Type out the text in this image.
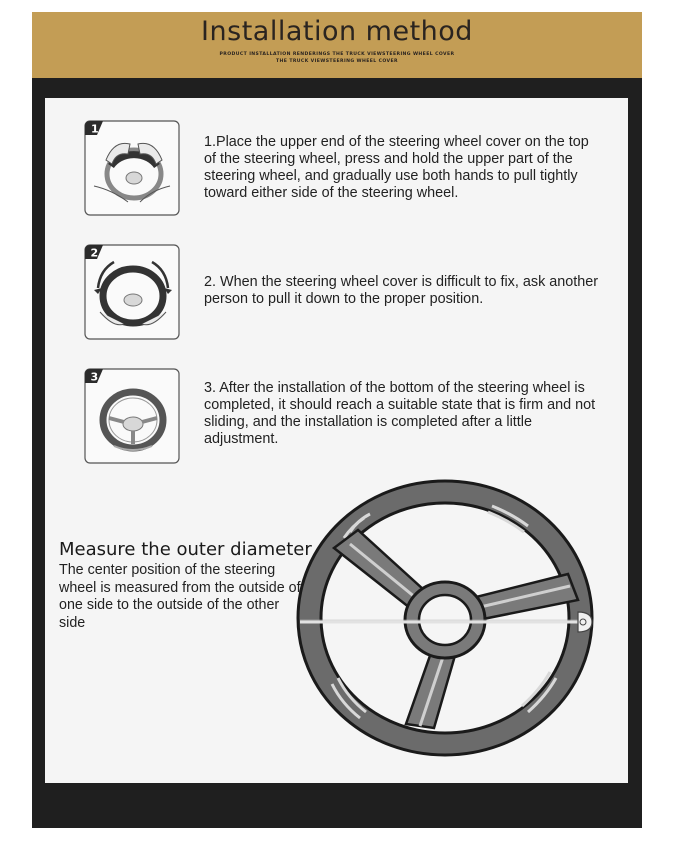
Installation method
PRODUCT INSTALLATION RENDERINGS THE TRUCK VIEWSTEERING WHEEL COVER
THE TRUCK VIEWSTEERING WHEEL COVER
1

1.Place the upper end of the steering wheel cover on the top of the steering wheel, press and hold the upper part of the steering wheel, and gradually use both hands to pull tightly toward either side of the steering wheel.

2

2. When the steering wheel cover is difficult to fix, ask another person to pull it down to the proper position.

3

3. After the installation of the bottom of the steering wheel is completed, it should reach a suitable state that is firm and not sliding, and the installation is completed after a little adjustment.

Measure the outer diameter
The center position of the steering wheel is measured from the outside of one side to the outside of the other side
